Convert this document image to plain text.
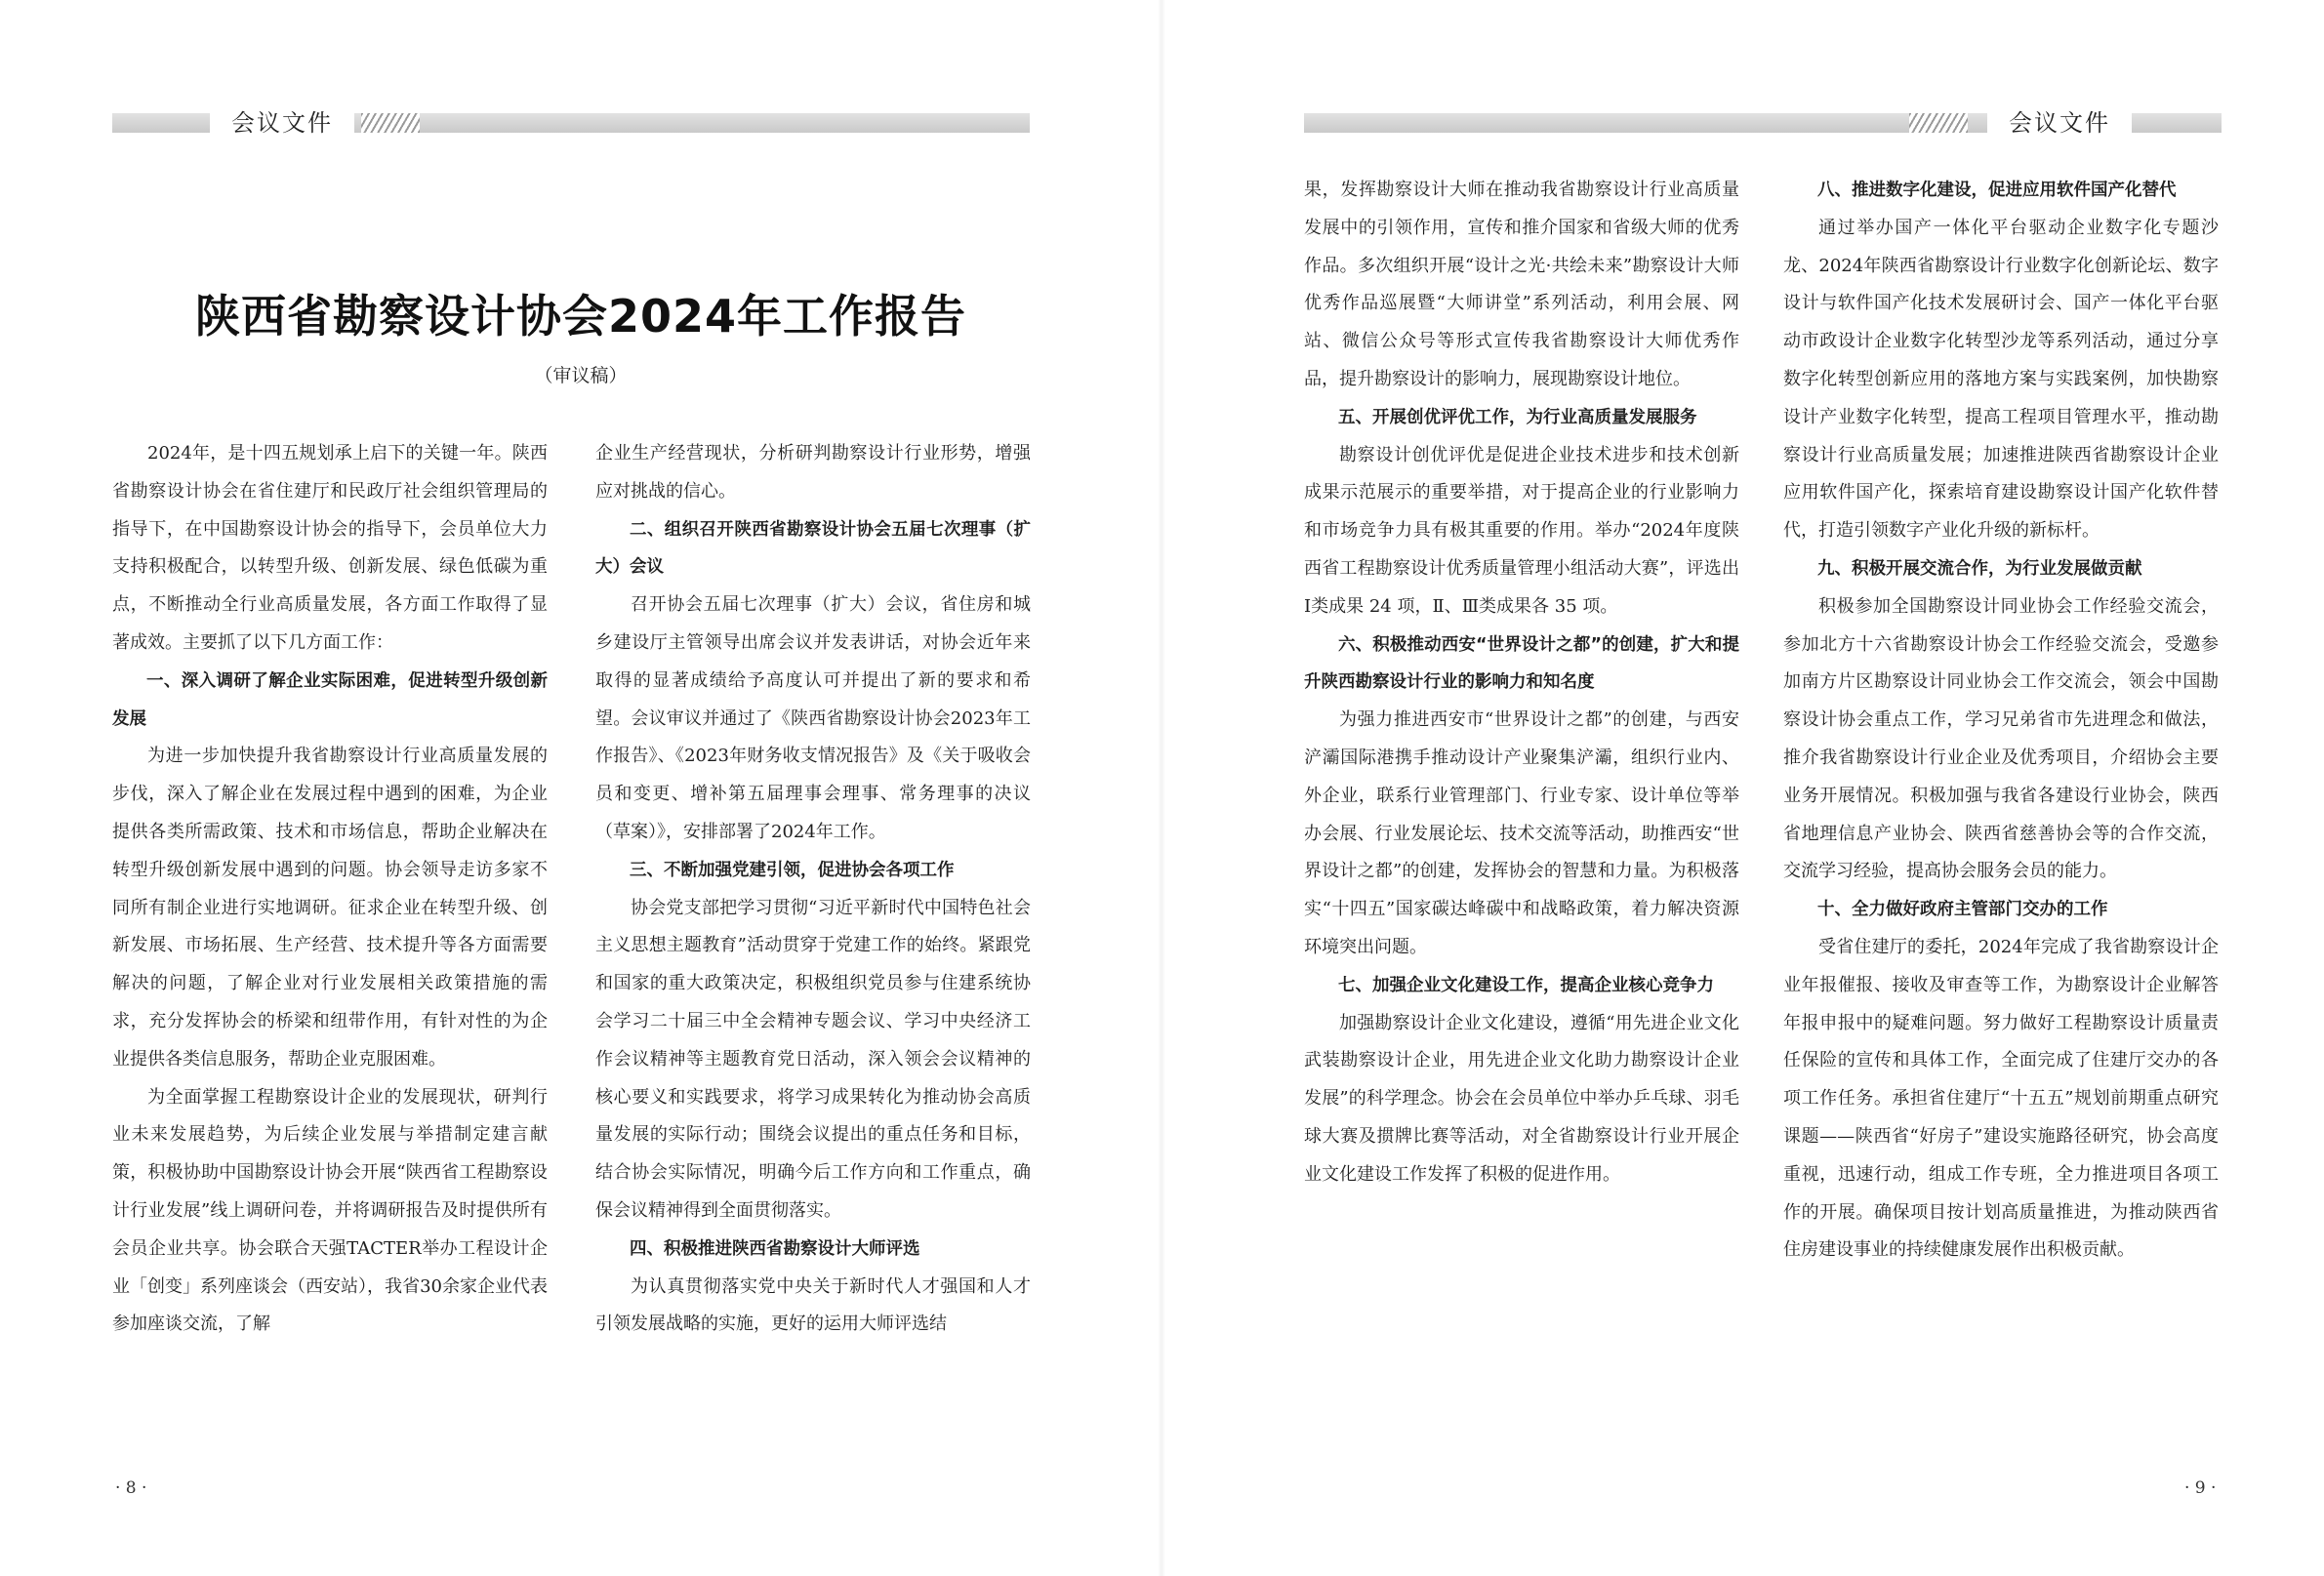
会议文件
陕西省勘察设计协会2024年工作报告
（审议稿）

2024年，是十四五规划承上启下的关键一年。陕西省勘察设计协会在省住建厅和民政厅社会组织管理局的指导下，在中国勘察设计协会的指导下，会员单位大力支持积极配合，以转型升级、创新发展、绿色低碳为重点，不断推动全行业高质量发展，各方面工作取得了显著成效。主要抓了以下几方面工作：

一、深入调研了解企业实际困难，促进转型升级创新发展

为进一步加快提升我省勘察设计行业高质量发展的步伐，深入了解企业在发展过程中遇到的困难，为企业提供各类所需政策、技术和市场信息，帮助企业解决在转型升级创新发展中遇到的问题。协会领导走访多家不同所有制企业进行实地调研。征求企业在转型升级、创新发展、市场拓展、生产经营、技术提升等各方面需要解决的问题，了解企业对行业发展相关政策措施的需求，充分发挥协会的桥梁和纽带作用，有针对性的为企业提供各类信息服务，帮助企业克服困难。

为全面掌握工程勘察设计企业的发展现状，研判行业未来发展趋势，为后续企业发展与举措制定建言献策，积极协助中国勘察设计协会开展“陕西省工程勘察设计行业发展”线上调研问卷，并将调研报告及时提供所有会员企业共享。协会联合天强TACTER举办工程设计企业「创变」系列座谈会（西安站），我省30余家企业代表参加座谈交流，了解

企业生产经营现状，分析研判勘察设计行业形势，增强应对挑战的信心。

二、组织召开陕西省勘察设计协会五届七次理事（扩大）会议

召开协会五届七次理事（扩大）会议，省住房和城乡建设厅主管领导出席会议并发表讲话，对协会近年来取得的显著成绩给予高度认可并提出了新的要求和希望。会议审议并通过了《陕西省勘察设计协会2023年工作报告》、《2023年财务收支情况报告》及《关于吸收会员和变更、增补第五届理事会理事、常务理事的决议（草案）》，安排部署了2024年工作。

三、不断加强党建引领，促进协会各项工作

协会党支部把学习贯彻“习近平新时代中国特色社会主义思想主题教育”活动贯穿于党建工作的始终。紧跟党和国家的重大政策决定，积极组织党员参与住建系统协会学习二十届三中全会精神专题会议、学习中央经济工作会议精神等主题教育党日活动，深入领会会议精神的核心要义和实践要求，将学习成果转化为推动协会高质量发展的实际行动；围绕会议提出的重点任务和目标，结合协会实际情况，明确今后工作方向和工作重点，确保会议精神得到全面贯彻落实。

四、积极推进陕西省勘察设计大师评选

为认真贯彻落实党中央关于新时代人才强国和人才引领发展战略的实施，更好的运用大师评选结

· 8 ·
会议文件

果，发挥勘察设计大师在推动我省勘察设计行业高质量发展中的引领作用，宣传和推介国家和省级大师的优秀作品。多次组织开展“设计之光·共绘未来”勘察设计大师优秀作品巡展暨“大师讲堂”系列活动，利用会展、网站、微信公众号等形式宣传我省勘察设计大师优秀作品，提升勘察设计的影响力，展现勘察设计地位。

五、开展创优评优工作，为行业高质量发展服务

勘察设计创优评优是促进企业技术进步和技术创新成果示范展示的重要举措，对于提高企业的行业影响力和市场竞争力具有极其重要的作用。举办“2024年度陕西省工程勘察设计优秀质量管理小组活动大赛”，评选出Ⅰ类成果 24 项，Ⅱ、Ⅲ类成果各 35 项。

六、积极推动西安“世界设计之都”的创建，扩大和提升陕西勘察设计行业的影响力和知名度

为强力推进西安市“世界设计之都”的创建，与西安浐灞国际港携手推动设计产业聚集浐灞，组织行业内、外企业，联系行业管理部门、行业专家、设计单位等举办会展、行业发展论坛、技术交流等活动，助推西安“世界设计之都”的创建，发挥协会的智慧和力量。为积极落实“十四五”国家碳达峰碳中和战略政策，着力解决资源环境突出问题。

七、加强企业文化建设工作，提高企业核心竞争力

加强勘察设计企业文化建设，遵循“用先进企业文化武装勘察设计企业，用先进企业文化助力勘察设计企业发展”的科学理念。协会在会员单位中举办乒乓球、羽毛球大赛及掼牌比赛等活动，对全省勘察设计行业开展企业文化建设工作发挥了积极的促进作用。

八、推进数字化建设，促进应用软件国产化替代

通过举办国产一体化平台驱动企业数字化专题沙龙、2024年陕西省勘察设计行业数字化创新论坛、数字设计与软件国产化技术发展研讨会、国产一体化平台驱动市政设计企业数字化转型沙龙等系列活动，通过分享数字化转型创新应用的落地方案与实践案例，加快勘察设计产业数字化转型，提高工程项目管理水平，推动勘察设计行业高质量发展；加速推进陕西省勘察设计企业应用软件国产化，探索培育建设勘察设计国产化软件替代，打造引领数字产业化升级的新标杆。

九、积极开展交流合作，为行业发展做贡献

积极参加全国勘察设计同业协会工作经验交流会，参加北方十六省勘察设计协会工作经验交流会，受邀参加南方片区勘察设计同业协会工作交流会，领会中国勘察设计协会重点工作，学习兄弟省市先进理念和做法，推介我省勘察设计行业企业及优秀项目，介绍协会主要业务开展情况。积极加强与我省各建设行业协会，陕西省地理信息产业协会、陕西省慈善协会等的合作交流，交流学习经验，提高协会服务会员的能力。

十、全力做好政府主管部门交办的工作

受省住建厅的委托，2024年完成了我省勘察设计企业年报催报、接收及审查等工作，为勘察设计企业解答年报申报中的疑难问题。努力做好工程勘察设计质量责任保险的宣传和具体工作，全面完成了住建厅交办的各项工作任务。承担省住建厅“十五五”规划前期重点研究课题——陕西省“好房子”建设实施路径研究，协会高度重视，迅速行动，组成工作专班，全力推进项目各项工作的开展。确保项目按计划高质量推进，为推动陕西省住房建设事业的持续健康发展作出积极贡献。

· 9 ·
